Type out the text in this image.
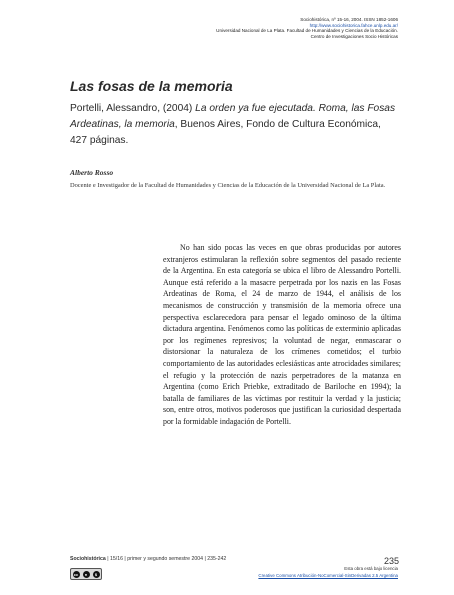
Sociohistórica, nº 15-16, 2004. ISSN 1852-1606
http://www.sociohistorica.fahce.unlp.edu.ar/
Universidad Nacional de La Plata. Facultad de Humanidades y Ciencias de la Educación.
Centro de Investigaciones Socio Históricas
Las fosas de la memoria
Portelli, Alessandro, (2004) La orden ya fue ejecutada. Roma, las Fosas Ardeatinas, la memoria, Buenos Aires, Fondo de Cultura Económica, 427 páginas.
Alberto Rosso
Docente e Investigador de la Facultad de Humanidades y Ciencias de la Educación de la Universidad Nacional de La Plata.

No han sido pocas las veces en que obras producidas por autores extranjeros estimularan la reflexión sobre segmentos del pasado reciente de la Argentina. En esta categoría se ubica el libro de Alessandro Portelli. Aunque está referido a la masacre perpetrada por los nazis en las Fosas Ardeatinas de Roma, el 24 de marzo de 1944, el análisis de los mecanismos de construcción y transmisión de la memoria ofrece una perspectiva esclarecedora para pensar el legado ominoso de la última dictadura argentina. Fenómenos como las políticas de exterminio aplicadas por los regímenes represivos; la voluntad de negar, enmascarar o distorsionar la naturaleza de los crímenes cometidos; el turbio comportamiento de las autoridades eclesiásticas ante atrocidades similares; el refugio y la protección de nazis perpetradores de la matanza en Argentina (como Erich Priebke, extraditado de Bariloche en 1994); la batalla de familiares de las víctimas por restituir la verdad y la justicia; son, entre otros, motivos poderosos que justifican la curiosidad despertada por la formidable indagación de Portelli.

Sociohistórica | 15/16 | primer y segundo semestre 2004 | 235-242	235
cc	●	$
Esta obra está bajo licencia
Creative Commons Atribución-NoComercial-SinDerivadas 2.5 Argentina
